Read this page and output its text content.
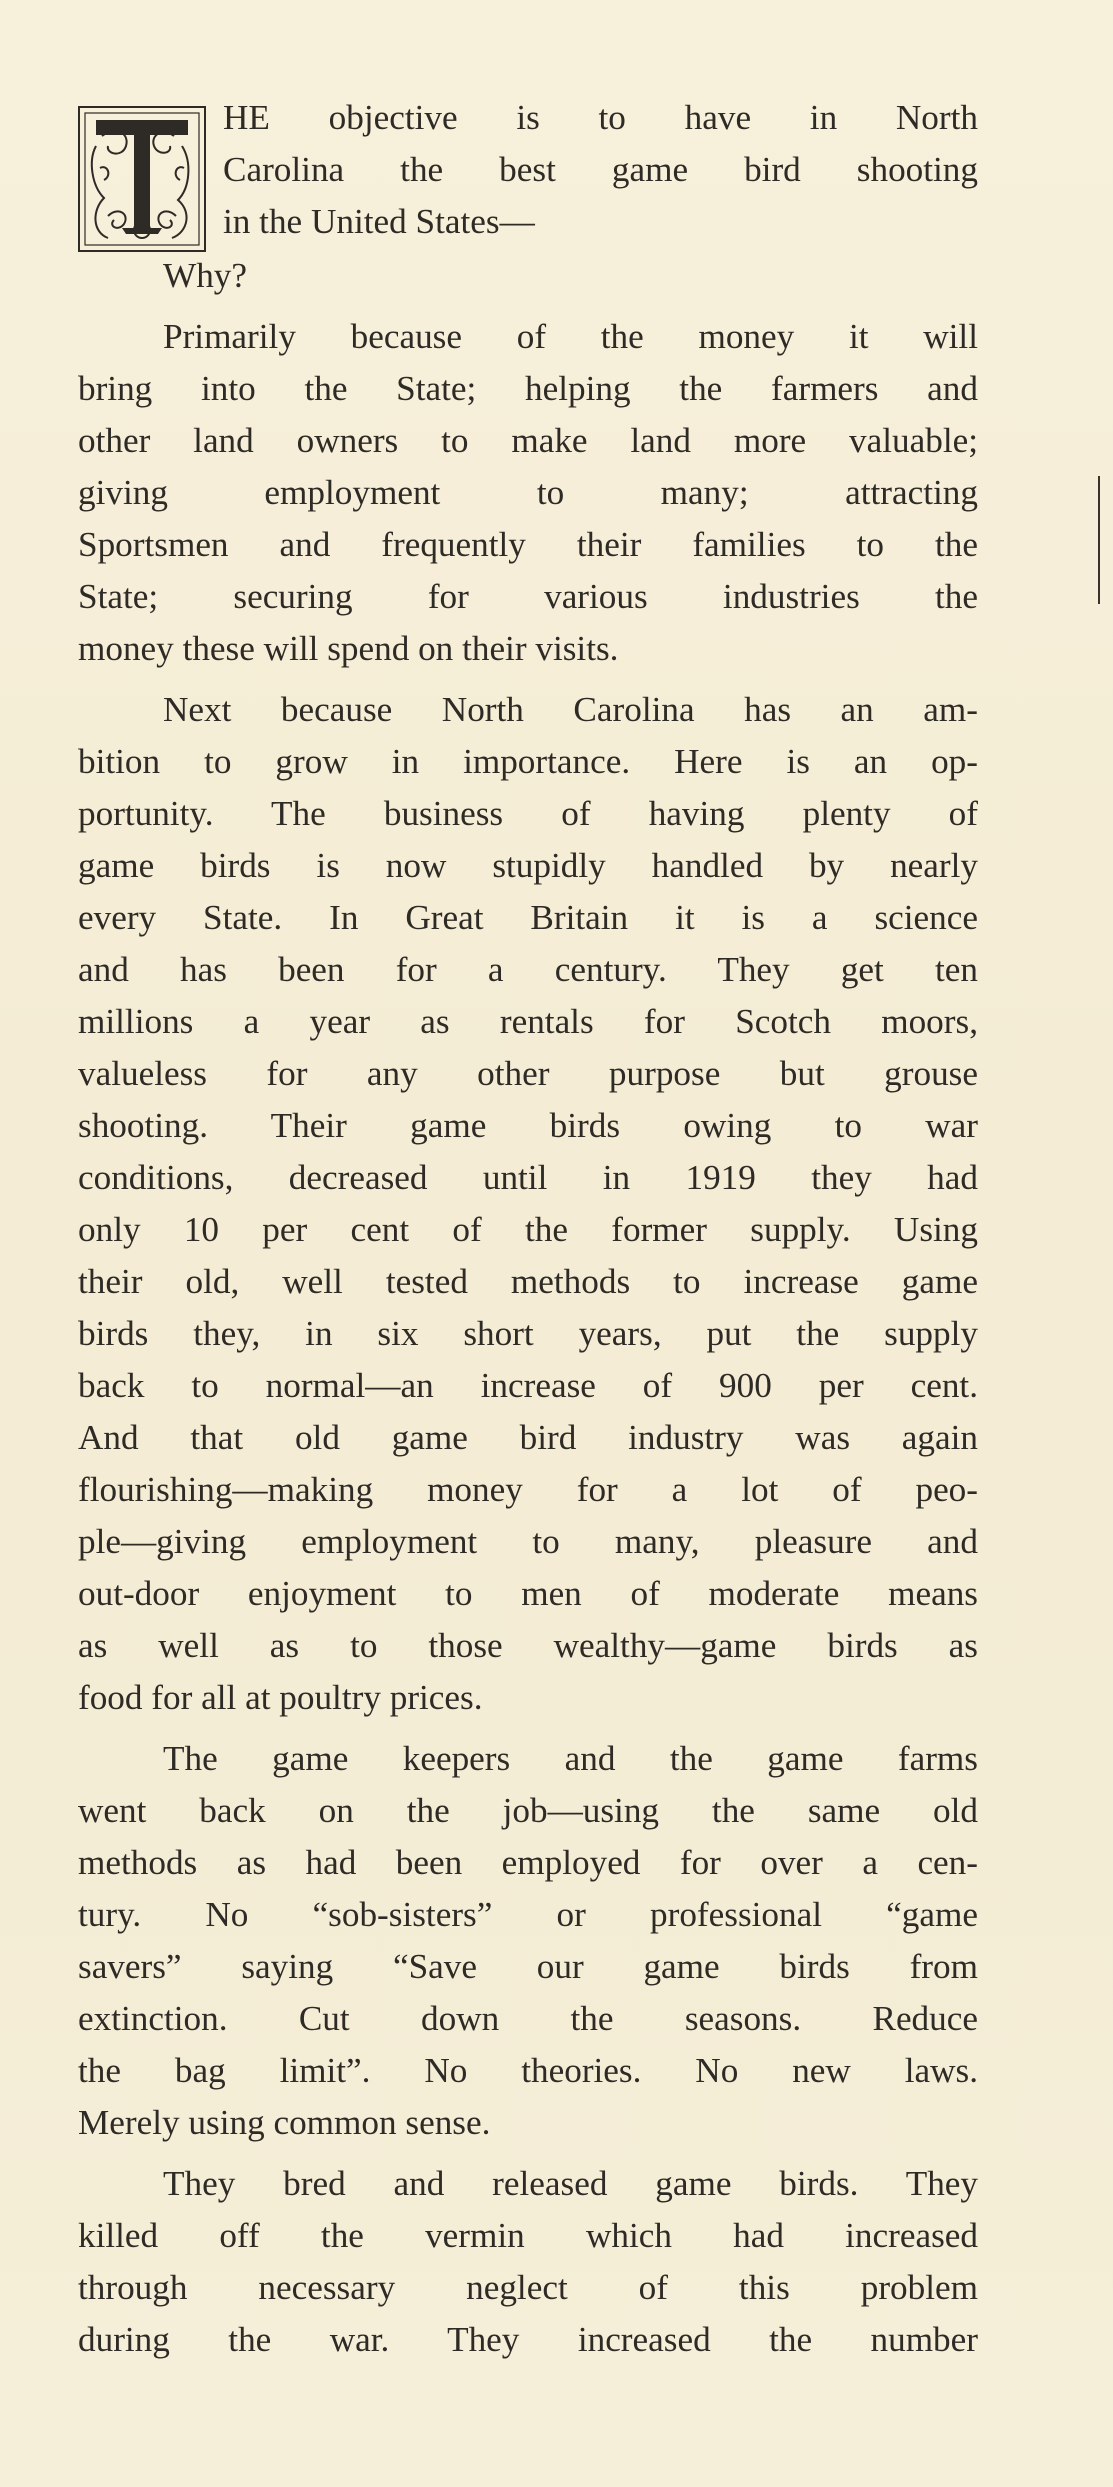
HE objective is to have in North
Carolina the best game bird shooting
in the United States—
Why?
Primarily because of the money it will
bring into the State; helping the farmers and
other land owners to make land more valuable;
giving employment to many; attracting
Sportsmen and frequently their families to the
State; securing for various industries the
money these will spend on their visits.
Next because North Carolina has an am-
bition to grow in importance. Here is an op-
portunity. The business of having plenty of
game birds is now stupidly handled by nearly
every State. In Great Britain it is a science
and has been for a century. They get ten
millions a year as rentals for Scotch moors,
valueless for any other purpose but grouse
shooting. Their game birds owing to war
conditions, decreased until in 1919 they had
only 10 per cent of the former supply. Using
their old, well tested methods to increase game
birds they, in six short years, put the supply
back to normal—an increase of 900 per cent.
And that old game bird industry was again
flourishing—making money for a lot of peo-
ple—giving employment to many, pleasure and
out-door enjoyment to men of moderate means
as well as to those wealthy—game birds as
food for all at poultry prices.
The game keepers and the game farms
went back on the job—using the same old
methods as had been employed for over a cen-
tury. No “sob-sisters” or professional “game
savers” saying “Save our game birds from
extinction. Cut down the seasons. Reduce
the bag limit”. No theories. No new laws.
Merely using common sense.
They bred and released game birds. They
killed off the vermin which had increased
through necessary neglect of this problem
during the war. They increased the number
